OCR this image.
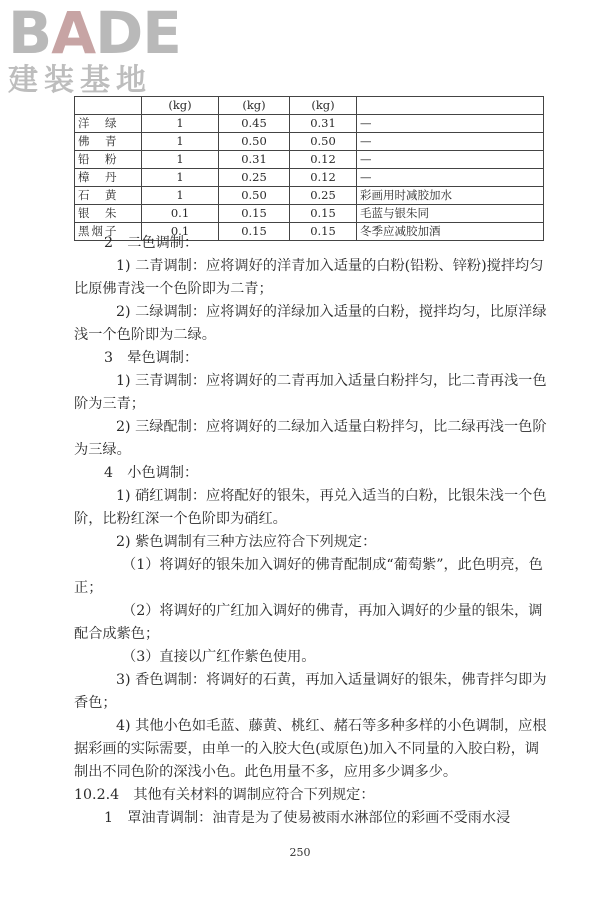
BADE
建装基地
	(kg)	(kg)	(kg)	
洋　绿	1	0.45	0.31	—
佛　青	1	0.50	0.50	—
铅　粉	1	0.31	0.12	—
樟　丹	1	0.25	0.12	—
石　黄	1	0.50	0.25	彩画用时减胶加水
银　朱	0.1	0.15	0.15	毛蓝与银朱同
黑烟子	0.1	0.15	0.15	冬季应减胶加酒

2　二色调制：

1) 二青调制：应将调好的洋青加入适量的白粉(铅粉、锌粉)搅拌均匀比原佛青浅一个色阶即为二青；

2) 二绿调制：应将调好的洋绿加入适量的白粉，搅拌均匀，比原洋绿浅一个色阶即为二绿。

3　晕色调制：

1) 三青调制：应将调好的二青再加入适量白粉拌匀，比二青再浅一色阶为三青；

2) 三绿配制：应将调好的二绿加入适量白粉拌匀，比二绿再浅一色阶为三绿。

4　小色调制：

1) 硝红调制：应将配好的银朱，再兑入适当的白粉，比银朱浅一个色阶，比粉红深一个色阶即为硝红。

2) 紫色调制有三种方法应符合下列规定：

（1）将调好的银朱加入调好的佛青配制成“葡萄紫”，此色明亮，色正；

（2）将调好的广红加入调好的佛青，再加入调好的少量的银朱，调配合成紫色；

（3）直接以广红作紫色使用。

3) 香色调制：将调好的石黄，再加入适量调好的银朱，佛青拌匀即为香色；

4) 其他小色如毛蓝、藤黄、桃红、赭石等多种多样的小色调制，应根据彩画的实际需要，由单一的入胶大色(或原色)加入不同量的入胶白粉，调制出不同色阶的深浅小色。此色用量不多，应用多少调多少。

10.2.4　其他有关材料的调制应符合下列规定：

1　罩油青调制：油青是为了使易被雨水淋部位的彩画不受雨水浸

250
